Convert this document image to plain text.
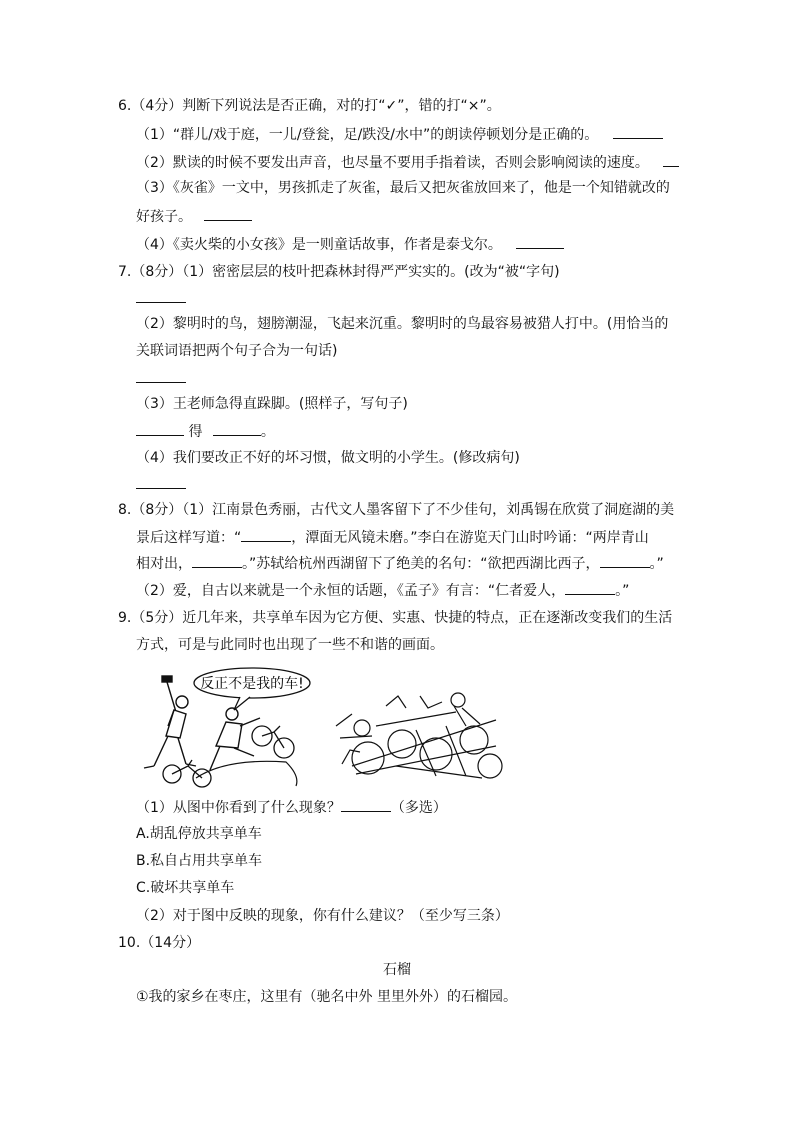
6.（4分）判断下列说法是否正确，对的打“✓”，错的打“×”。
（1）“群儿/戏于庭，一儿/登瓮，足/跌没/水中”的朗读停顿划分是正确的。
（2）默读的时候不要发出声音，也尽量不要用手指着读，否则会影响阅读的速度。
（3）《灰雀》一文中，男孩抓走了灰雀，最后又把灰雀放回来了，他是一个知错就改的
好孩子。
（4）《卖火柴的小女孩》是一则童话故事，作者是泰戈尔。
7.（8分）（1）密密层层的枝叶把森林封得严严实实的。(改为“被“字句)
（2）黎明时的鸟，翅膀潮湿，飞起来沉重。黎明时的鸟最容易被猎人打中。(用恰当的
关联词语把两个句子合为一句话)
（3）王老师急得直跺脚。(照样子，写句子)
得	。
（4）我们要改正不好的坏习惯，做文明的小学生。(修改病句)
8.（8分）（1）江南景色秀丽，古代文人墨客留下了不少佳句，刘禹锡在欣赏了洞庭湖的美
景后这样写道：“	，潭面无风镜未磨。”李白在游览天门山时吟诵：“两岸青山
相对出，	。”苏轼给杭州西湖留下了绝美的名句：“欲把西湖比西子，	。”
（2）爱，自古以来就是一个永恒的话题，《孟子》有言：“仁者爱人，	。”
9.（5分）近几年来，共享单车因为它方便、实惠、快捷的特点，正在逐渐改变我们的生活
方式，可是与此同时也出现了一些不和谐的画面。
反正不是我的车!
（1）从图中你看到了什么现象？	（多选）
A.胡乱停放共享单车
B.私自占用共享单车
C.破坏共享单车
（2）对于图中反映的现象，你有什么建议？（至少写三条）
10.（14分）
石榴
①我的家乡在枣庄，这里有（驰名中外 里里外外）的石榴园。
